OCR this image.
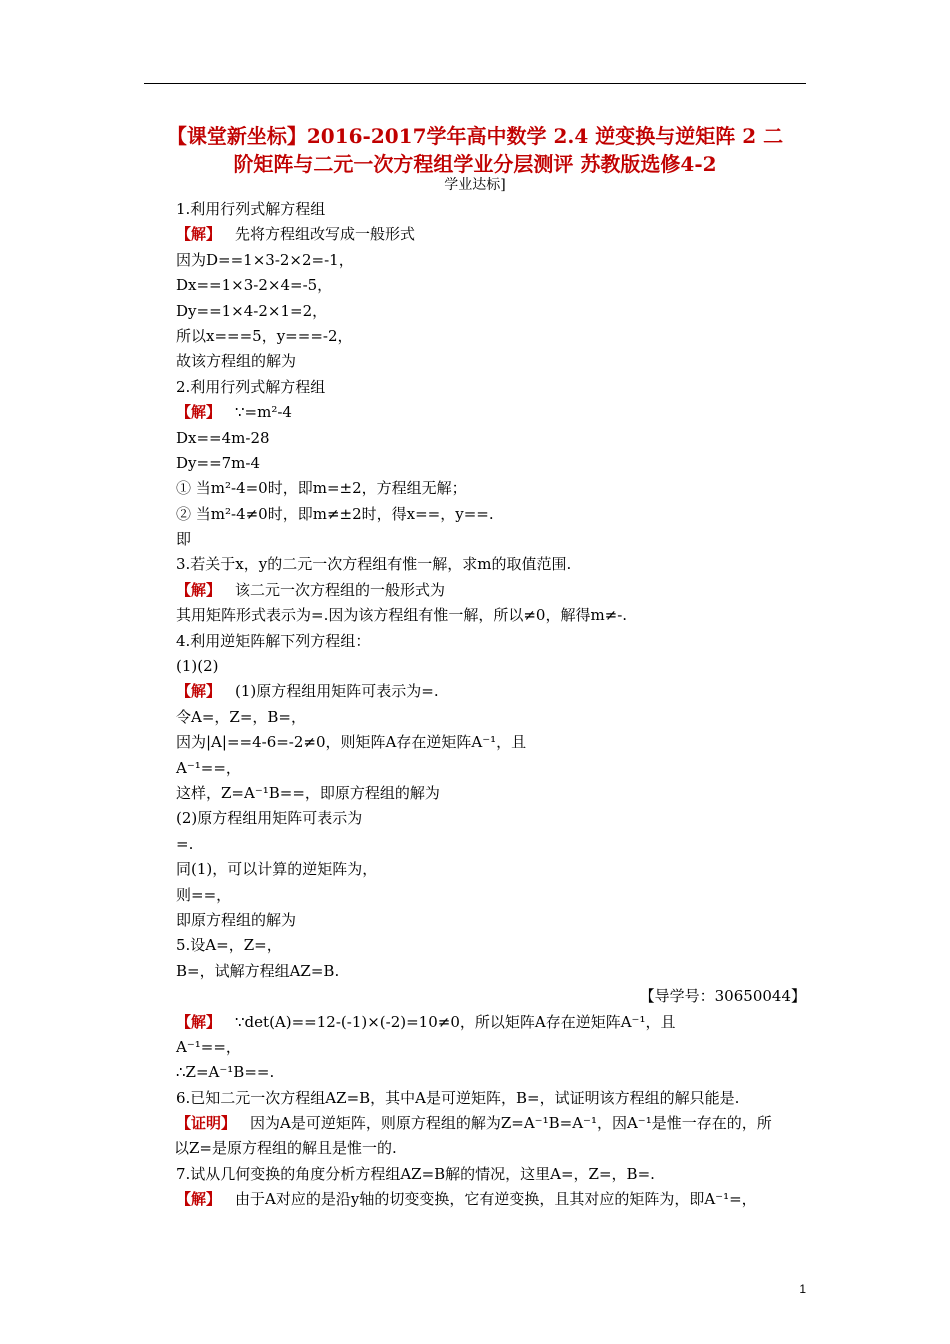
【课堂新坐标】2016-2017学年高中数学 2.4 逆变换与逆矩阵 2 二
阶矩阵与二元一次方程组学业分层测评 苏教版选修4-2
学业达标]
1.利用行列式解方程组
【解】 先将方程组改写成一般形式
因为D==1×3-2×2=-1，
Dx==1×3-2×4=-5，
Dy==1×4-2×1=2，
所以x===5，y===-2，
故该方程组的解为
2.利用行列式解方程组
【解】 ∵=m²-4
Dx==4m-28
Dy==7m-4
① 当m²-4=0时，即m=±2，方程组无解；
② 当m²-4≠0时，即m≠±2时，得x==，y==.
即
3.若关于x，y的二元一次方程组有惟一解，求m的取值范围.
【解】 该二元一次方程组的一般形式为
其用矩阵形式表示为=.因为该方程组有惟一解，所以≠0，解得m≠-.
4.利用逆矩阵解下列方程组：
(1)(2)
【解】 (1)原方程组用矩阵可表示为=.
令A=，Z=，B=，
因为|A|==4-6=-2≠0，则矩阵A存在逆矩阵A⁻¹，且
A⁻¹==，
这样，Z=A⁻¹B==，即原方程组的解为
(2)原方程组用矩阵可表示为
=.
同(1)，可以计算的逆矩阵为，
则==，
即原方程组的解为
5.设A=，Z=，
B=，试解方程组AZ=B.
【导学号：30650044】
【解】 ∵det(A)==12-(-1)×(-2)=10≠0，所以矩阵A存在逆矩阵A⁻¹，且
A⁻¹==，
∴Z=A⁻¹B==.
6.已知二元一次方程组AZ=B，其中A是可逆矩阵，B=，试证明该方程组的解只能是.
【证明】 因为A是可逆矩阵，则原方程组的解为Z=A⁻¹B=A⁻¹，因A⁻¹是惟一存在的，所
以Z=是原方程组的解且是惟一的.
7.试从几何变换的角度分析方程组AZ=B解的情况，这里A=，Z=，B=.
【解】 由于A对应的是沿y轴的切变变换，它有逆变换，且其对应的矩阵为，即A⁻¹=，
1
